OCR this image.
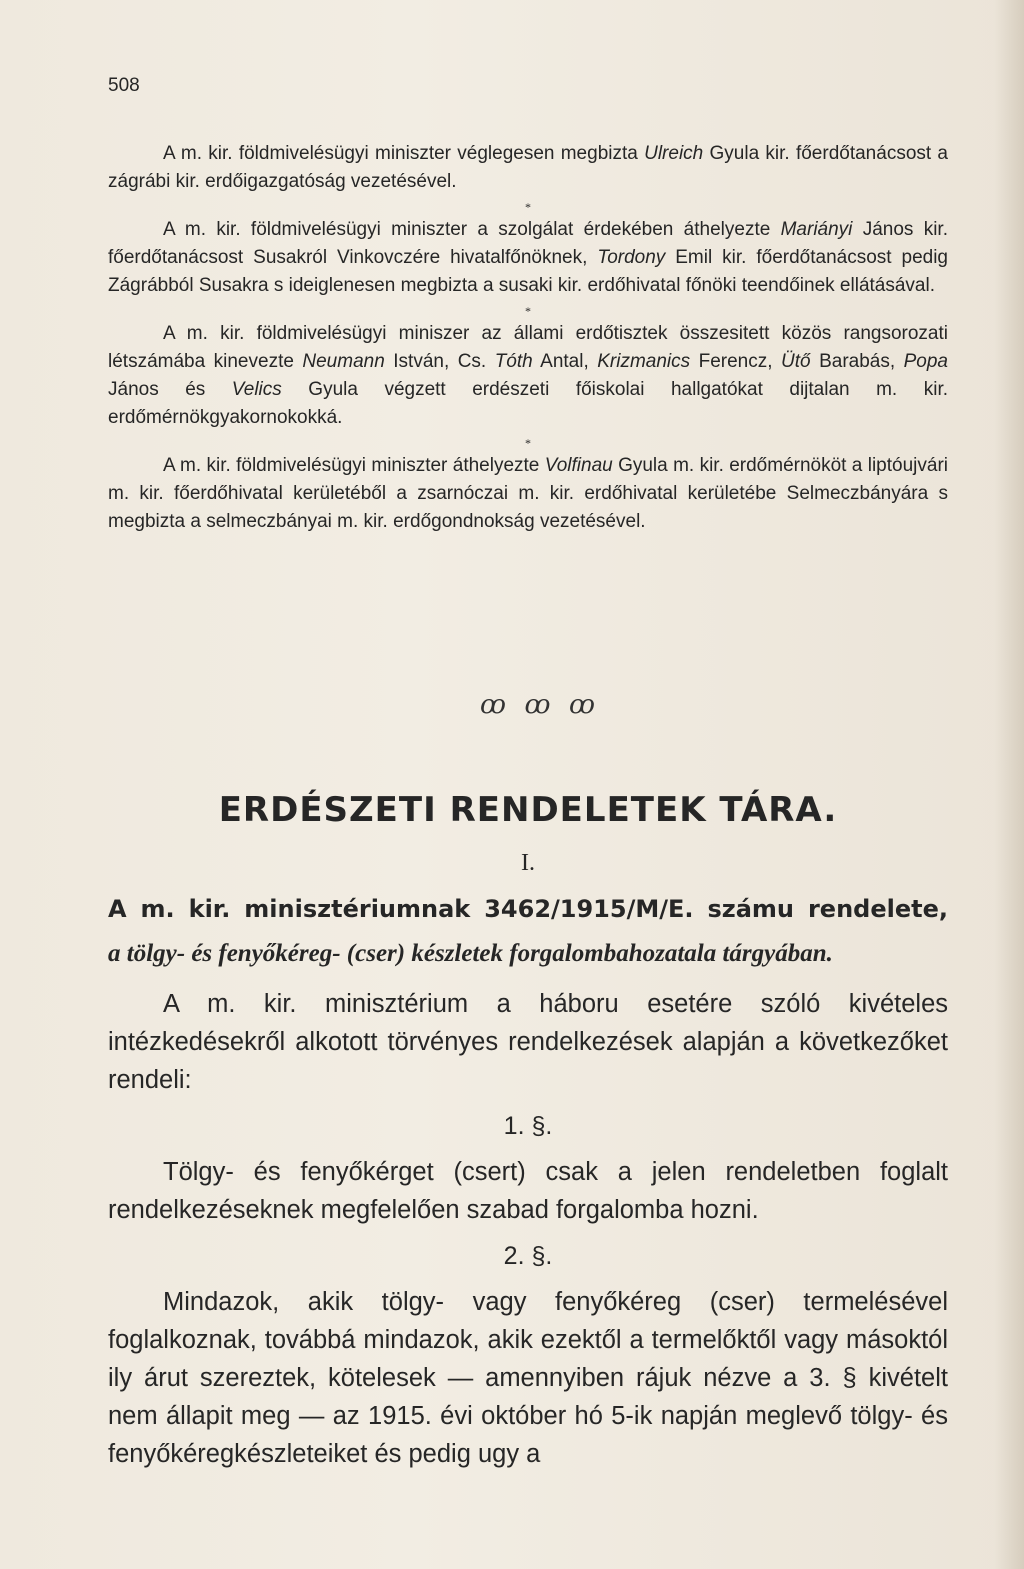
508

A m. kir. földmivelésügyi miniszter véglegesen megbizta Ulreich Gyula kir. főerdőtanácsost a zágrábi kir. erdőigazgatóság vezetésével.

*

A m. kir. földmivelésügyi miniszter a szolgálat érdekében áthelyezte Mariányi János kir. főerdőtanácsost Susakról Vinkovczére hivatalfőnöknek, Tordony Emil kir. főerdőtanácsost pedig Zágrábból Susakra s ideiglenesen megbizta a susaki kir. erdőhivatal főnöki teendőinek ellátásával.

*

A m. kir. földmivelésügyi miniszer az állami erdőtisztek összesitett közös rangsorozati létszámába kinevezte Neumann István, Cs. Tóth Antal, Krizmanics Ferencz, Ütő Barabás, Popa János és Velics Gyula végzett erdészeti főiskolai hallgatókat dijtalan m. kir. erdőmérnökgyakornokokká.

*

A m. kir. földmivelésügyi miniszter áthelyezte Volfinau Gyula m. kir. erdőmérnököt a liptóujvári m. kir. főerdőhivatal kerületéből a zsarnóczai m. kir. erdőhivatal kerületébe Selmeczbányára s megbizta a selmeczbányai m. kir. erdőgondnokság vezetésével.

ꝏ ꝏ ꝏ
ERDÉSZETI RENDELETEK TÁRA.
I.
A m. kir. minisztériumnak 3462/1915/M/E. számu rendelete,
a tölgy- és fenyőkéreg- (cser) készletek forgalombahozatala tárgyában.

A m. kir. minisztérium a háboru esetére szóló kivételes intézkedésekről alkotott törvényes rendelkezések alapján a következőket rendeli:

1. §.

Tölgy- és fenyőkérget (csert) csak a jelen rendeletben foglalt rendelkezéseknek megfelelően szabad forgalomba hozni.

2. §.

Mindazok, akik tölgy- vagy fenyőkéreg (cser) termelésével foglalkoznak, továbbá mindazok, akik ezektől a termelőktől vagy másoktól ily árut szereztek, kötelesek — amennyiben rájuk nézve a 3. § kivételt nem állapit meg — az 1915. évi október hó 5-ik napján meglevő tölgy- és fenyőkéregkészleteiket és pedig ugy a
